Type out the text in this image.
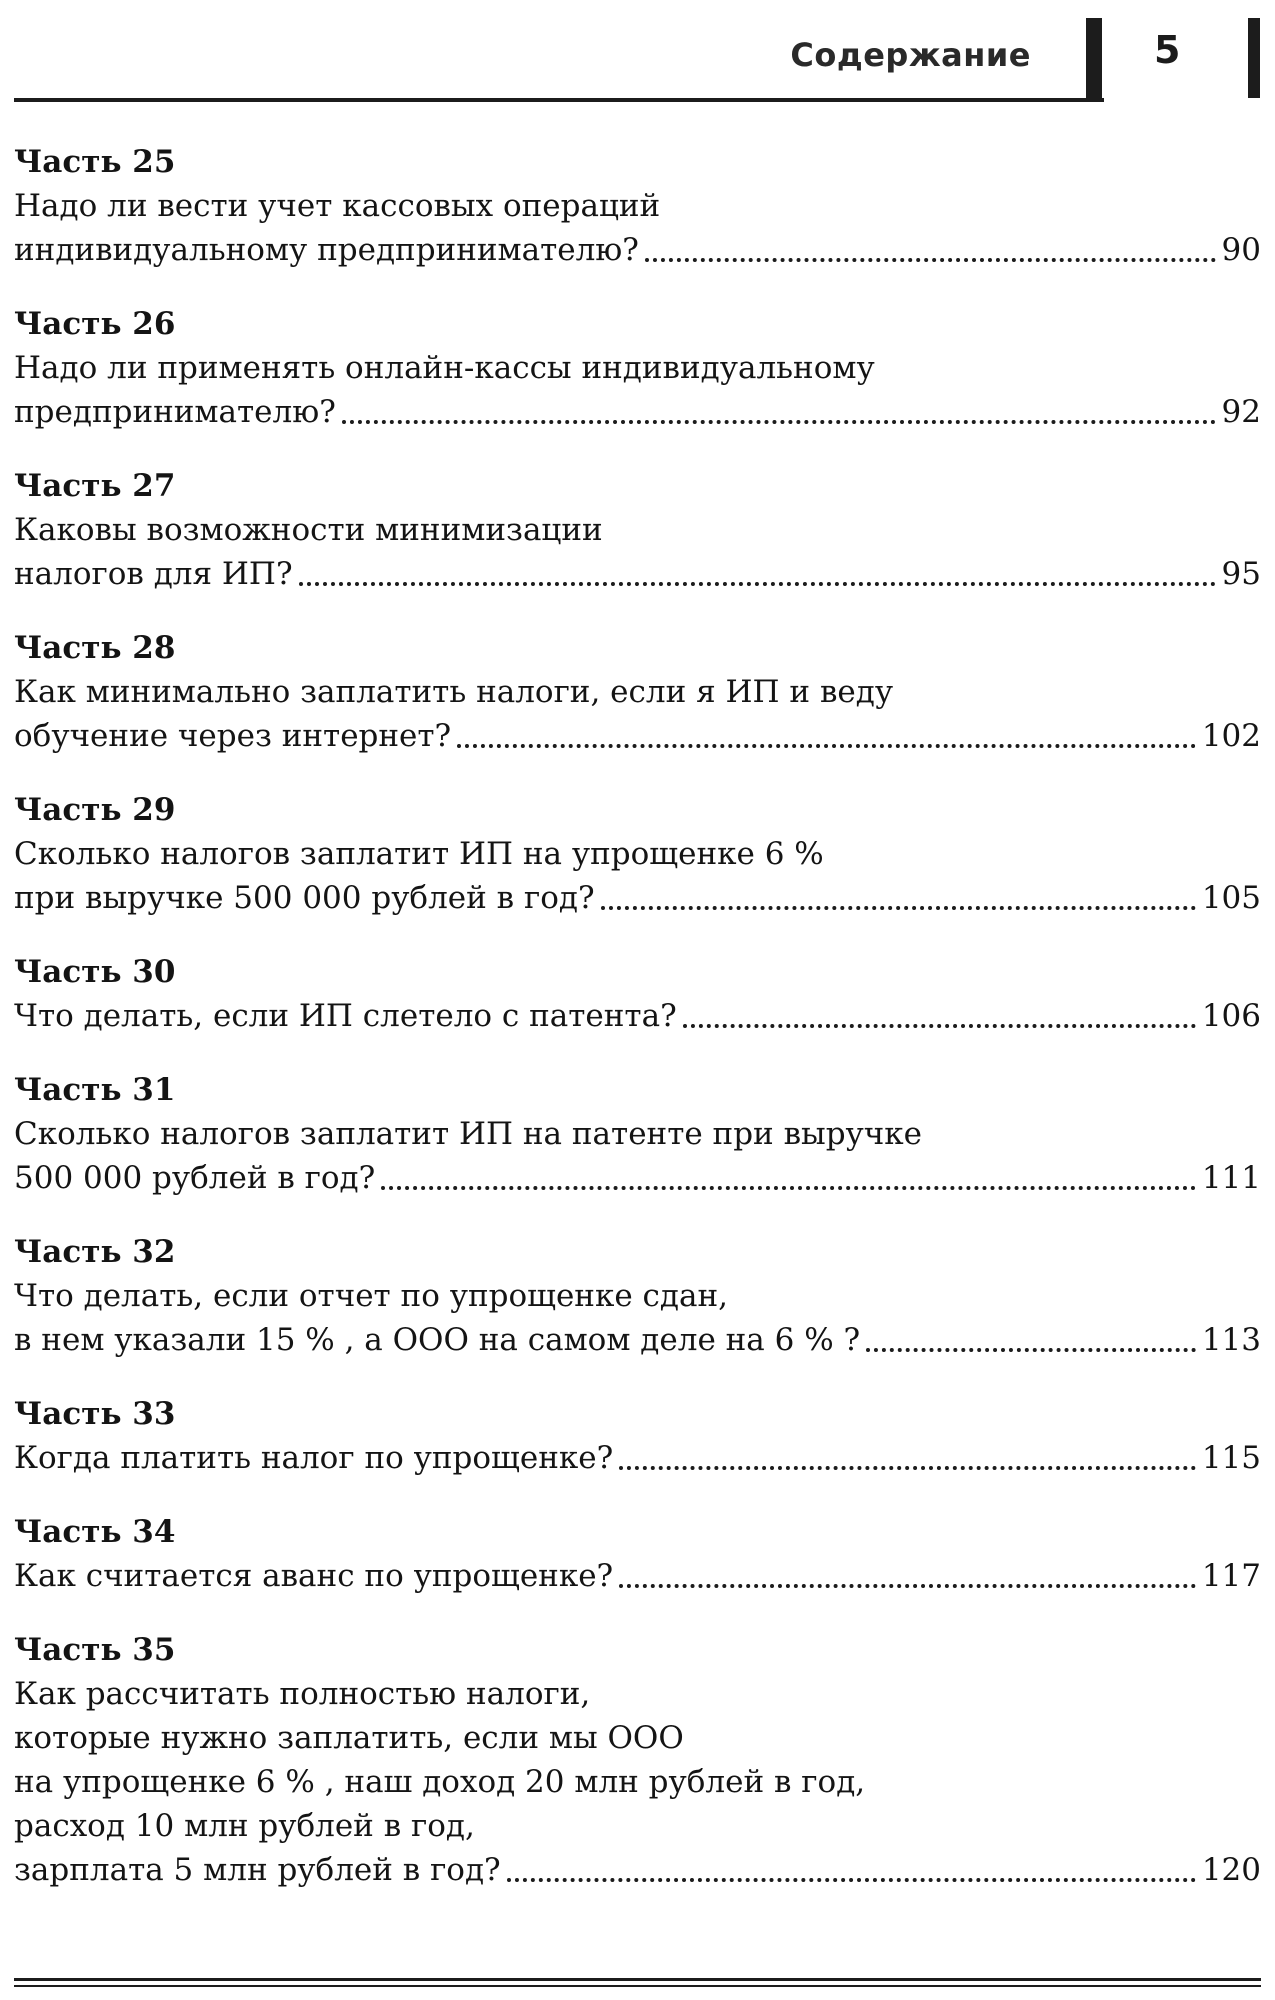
Содержание	5

Часть 25

Надо ли вести учет кассовых операций

индивидуальному предпринимателю?	90

Часть 26

Надо ли применять онлайн-кассы индивидуальному

предпринимателю?	92

Часть 27

Каковы возможности минимизации

налогов для ИП?	95

Часть 28

Как минимально заплатить налоги, если я ИП и веду

обучение через интернет?	102

Часть 29

Сколько налогов заплатит ИП на упрощенке 6 %

при выручке 500 000 рублей в год?	105

Часть 30

Что делать, если ИП слетело с патента?	106

Часть 31

Сколько налогов заплатит ИП на патенте при выручке

500 000 рублей в год?	111

Часть 32

Что делать, если отчет по упрощенке сдан,

в нем указали 15 % , а ООО на самом деле на 6 % ?	113

Часть 33

Когда платить налог по упрощенке?	115

Часть 34

Как считается аванс по упрощенке?	117

Часть 35

Как рассчитать полностью налоги,

которые нужно заплатить, если мы ООО

на упрощенке 6 % , наш доход 20 млн рублей в год,

расход 10 млн рублей в год,

зарплата 5 млн рублей в год?	120
